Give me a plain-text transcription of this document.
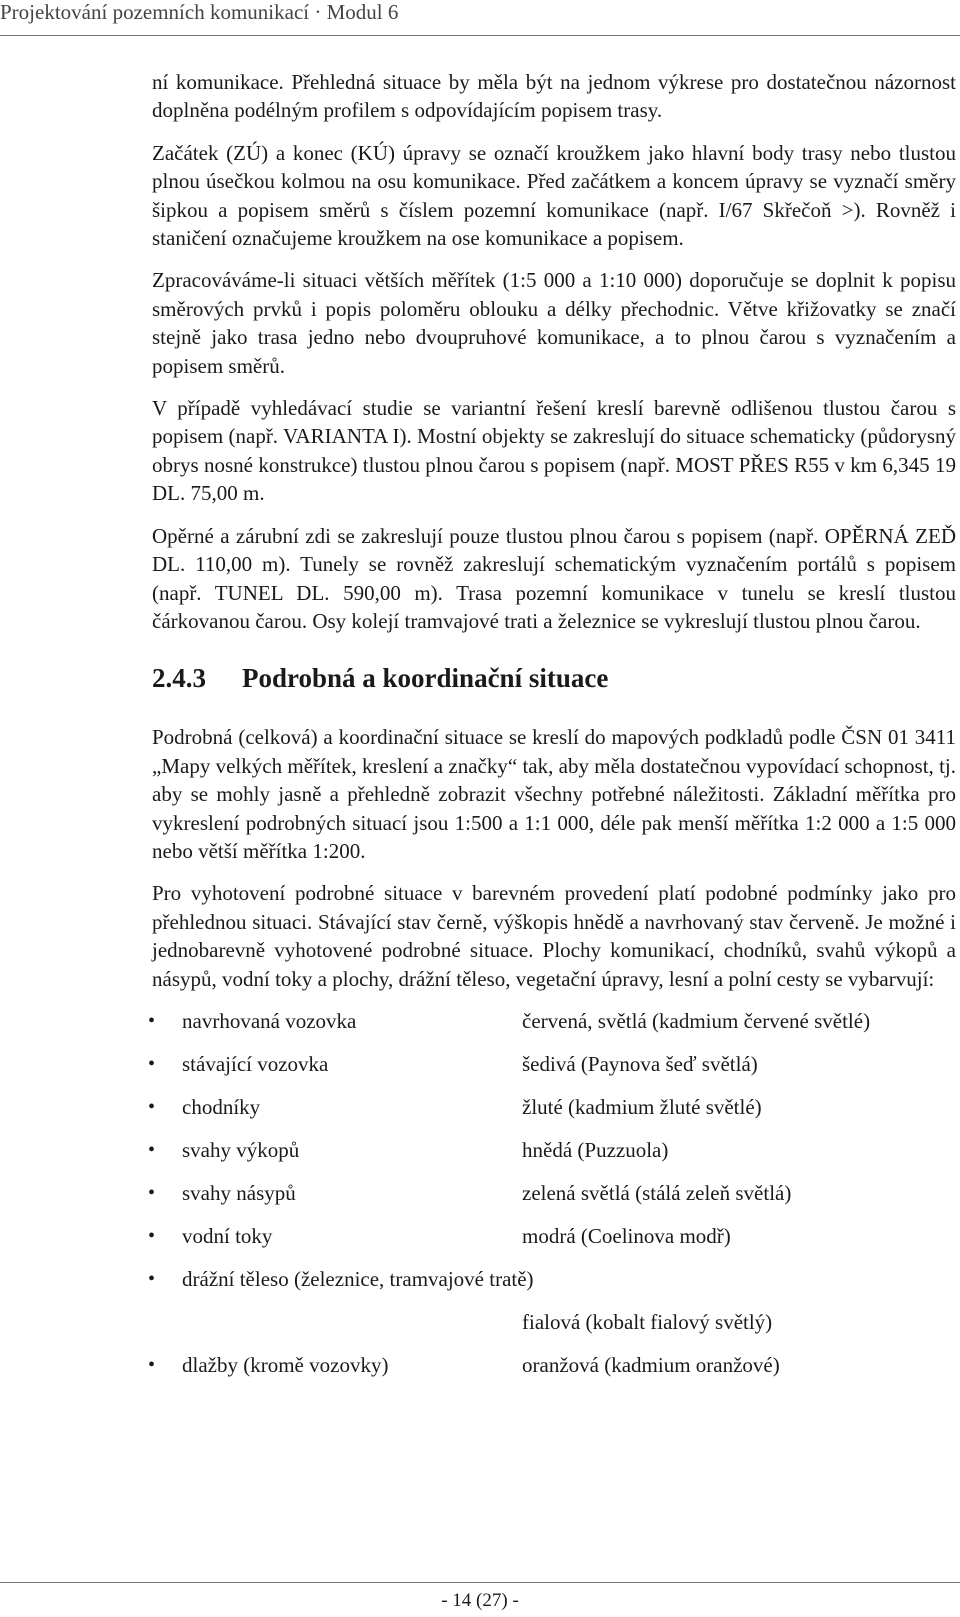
Projektování pozemních komunikací · Modul 6

ní komunikace. Přehledná situace by měla být na jednom výkrese pro dostatečnou názornost doplněna podélným profilem s odpovídajícím popisem trasy.

Začátek (ZÚ) a konec (KÚ) úpravy se označí kroužkem jako hlavní body trasy nebo tlustou plnou úsečkou kolmou na osu komunikace. Před začátkem a koncem úpravy se vyznačí směry šipkou a popisem směrů s číslem pozemní komunikace (např. I/67 Skřečoň >). Rovněž i staničení označujeme kroužkem na ose komunikace a popisem.

Zpracováváme-li situaci větších měřítek (1:5 000 a 1:10 000) doporučuje se doplnit k popisu směrových prvků i popis poloměru oblouku a délky přechodnic. Větve křižovatky se značí stejně jako trasa jedno nebo dvoupruhové komunikace, a to plnou čarou s vyznačením a popisem směrů.

V případě vyhledávací studie se variantní řešení kreslí barevně odlišenou tlustou čarou s popisem (např. VARIANTA I). Mostní objekty se zakreslují do situace schematicky (půdorysný obrys nosné konstrukce) tlustou plnou čarou s popisem (např. MOST PŘES R55 v km 6,345 19 DL. 75,00 m.

Opěrné a zárubní zdi se zakreslují pouze tlustou plnou čarou s popisem (např. OPĚRNÁ ZEĎ DL. 110,00 m). Tunely se rovněž zakreslují schematickým vyznačením portálů s popisem (např. TUNEL DL. 590,00 m). Trasa pozemní komunikace v tunelu se kreslí tlustou čárkovanou čarou. Osy kolejí tramvajové trati a železnice se vykreslují tlustou plnou čarou.

2.4.3 Podrobná a koordinační situace

Podrobná (celková) a koordinační situace se kreslí do mapových podkladů podle ČSN 01 3411 „Mapy velkých měřítek, kreslení a značky“ tak, aby měla dostatečnou vypovídací schopnost, tj. aby se mohly jasně a přehledně zobrazit všechny potřebné náležitosti. Základní měřítka pro vykreslení podrobných situací jsou 1:500 a 1:1 000, déle pak menší měřítka 1:2 000 a 1:5 000 nebo větší měřítka 1:200.

Pro vyhotovení podrobné situace v barevném provedení platí podobné podmínky jako pro přehlednou situaci. Stávající stav černě, výškopis hnědě a navrhovaný stav červeně. Je možné i jednobarevně vyhotovené podrobné situace. Plochy komunikací, chodníků, svahů výkopů a násypů, vodní toky a plochy, drážní těleso, vegetační úpravy, lesní a polní cesty se vybarvují:

• navrhovaná vozovka	červená, světlá (kadmium červené světlé)
• stávající vozovka	šedivá (Paynova šeď světlá)
• chodníky	žluté (kadmium žluté světlé)
• svahy výkopů	hnědá (Puzzuola)
• svahy násypů	zelená světlá (stálá zeleň světlá)
• vodní toky	modrá (Coelinova modř)
• drážní těleso (železnice, tramvajové tratě)
fialová (kobalt fialový světlý)
• dlažby (kromě vozovky)	oranžová (kadmium oranžové)
- 14 (27) -
